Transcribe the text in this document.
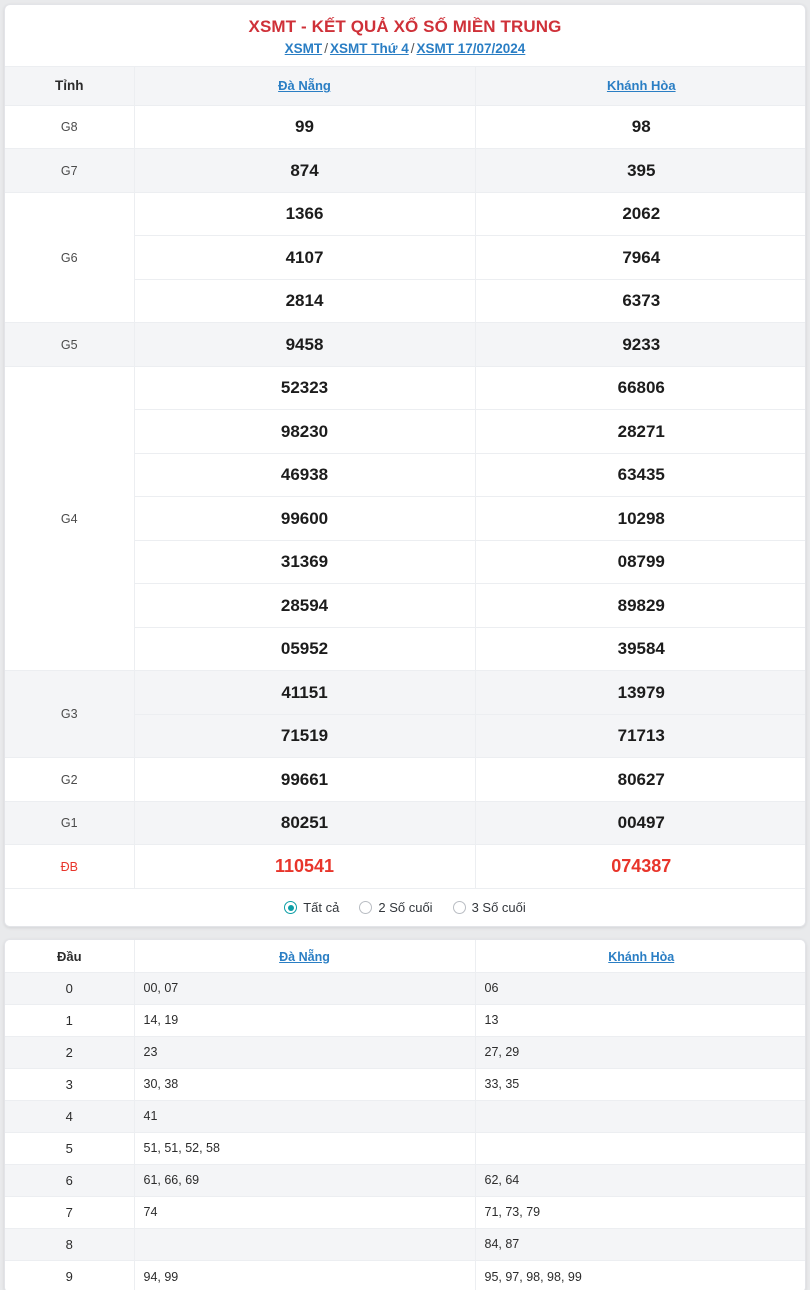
XSMT - KẾT QUẢ XỔ SỐ MIỀN TRUNG
XSMT / XSMT Thứ 4 / XSMT 17/07/2024
Tỉnh	Đà Nẵng	Khánh Hòa
G8	99	98
G7	874	395
G6	1366	2062
	4107	7964
	2814	6373
G5	9458	9233
G4	52323	66806
	98230	28271
	46938	63435
	99600	10298
	31369	08799
	28594	89829
	05952	39584
G3	41151	13979
	71519	71713
G2	99661	80627
G1	80251	00497
ĐB	110541	074387
Tất cả	2 Số cuối	3 Số cuối
Đầu	Đà Nẵng	Khánh Hòa
0	00, 07	06
1	14, 19	13
2	23	27, 29
3	30, 38	33, 35
4	41	
5	51, 51, 52, 58	
6	61, 66, 69	62, 64
7	74	71, 73, 79
8		84, 87
9	94, 99	95, 97, 98, 98, 99
